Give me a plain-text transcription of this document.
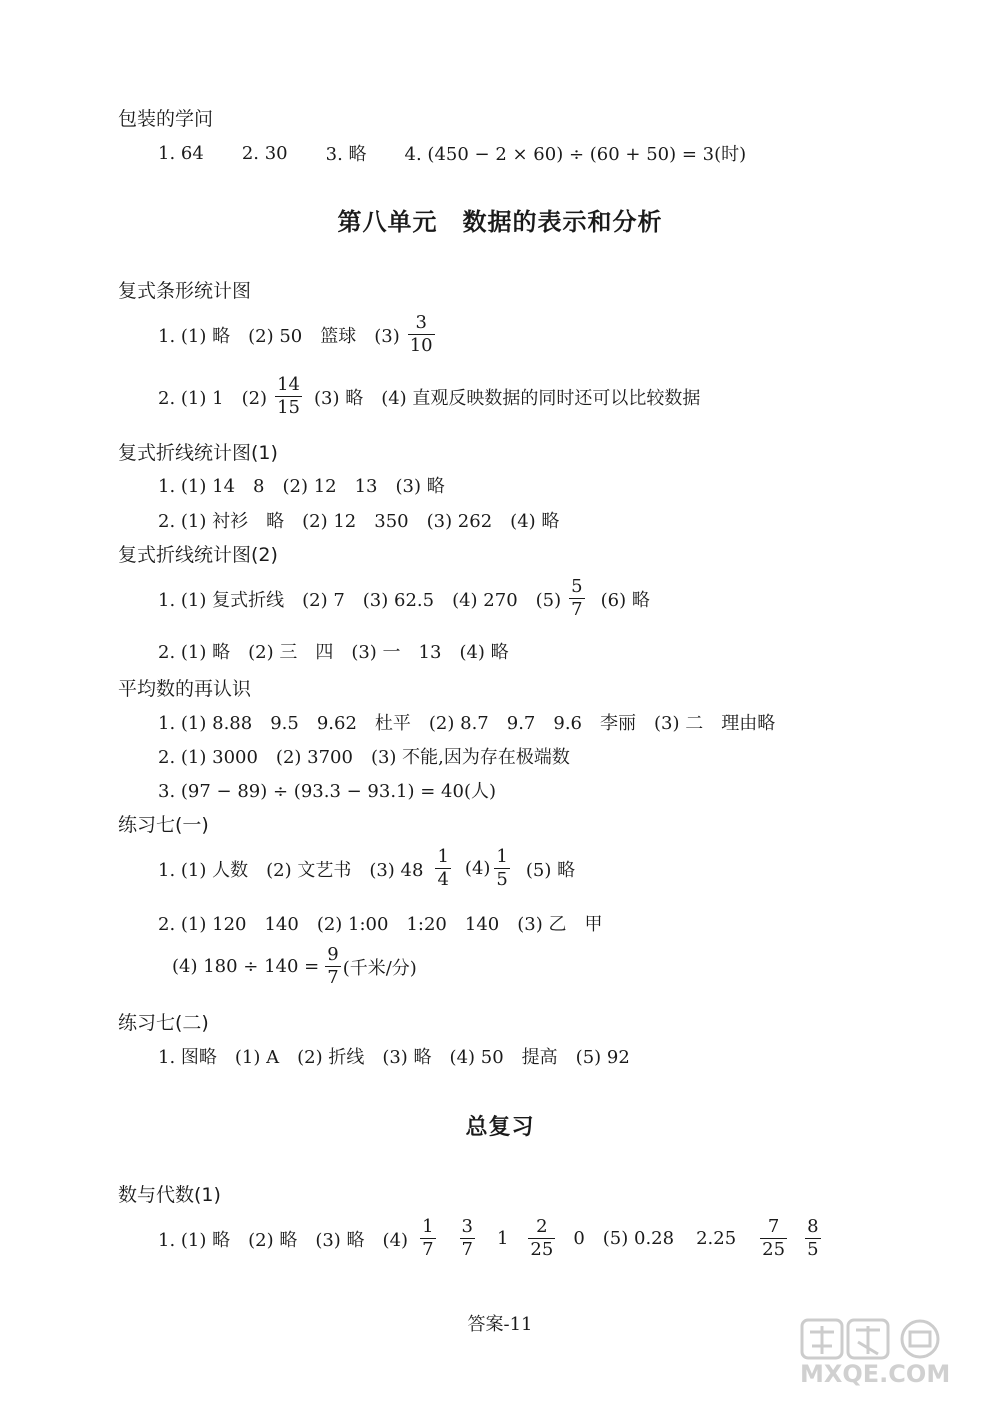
包装的学问
1. 64 2. 30 3. 略 4. (450 − 2 × 60) ÷ (60 + 50) = 3(时)
第八单元　数据的表示和分析
复式条形统计图
1. (1) 略　(2) 50　篮球　$(3) \frac{3}{10}$
2. (1) 1　$(2) \frac{14}{15} (3)$ 略　(4) 直观反映数据的同时还可以比较数据
复式折线统计图(1)
1. (1) 14　8　(2) 12　13　(3) 略
2. (1) 衬衫　略　(2) 12　350　(3) 262　(4) 略
复式折线统计图(2)
1. (1) 复式折线　(2) 7　(3) 62.5　(4) 270　$(5) \frac{5}{7} (6)$ 略
2. (1) 略　(2) 三　四　(3) 一　13　(4) 略
平均数的再认识
1. (1) 8.88　9.5　9.62　杜平　(2) 8.7　9.7　9.6　李丽　(3) 二　理由略
2. (1) 3000　(2) 3700　(3) 不能,因为存在极端数
3. (97 − 89) ÷ (93.3 − 93.1) = 40(人)
练习七(一)
1. (1) 人数　(2) 文艺书　(3) $48 \frac{1}{4} (4) \frac{1}{5} (5)$ 略
2. (1) 120　140　(2) 1:00　1:20　140　(3) 乙　甲
(4) $180 \div 140 = \frac{9}{7}$ (千米/分)
练习七(二)
1. 图略　(1) A　(2) 折线　(3) 略　(4) 50　提高　(5) 92
总复习
数与代数(1)
1. (1) 略　(2) 略　(3) 略　$(4) \frac{1}{7} \frac{3}{7} 1 \frac{2}{25} 0$ (5) 0.28 $2.25 \frac{7}{25} \frac{8}{5}$
答案-11
MXQE.COM
